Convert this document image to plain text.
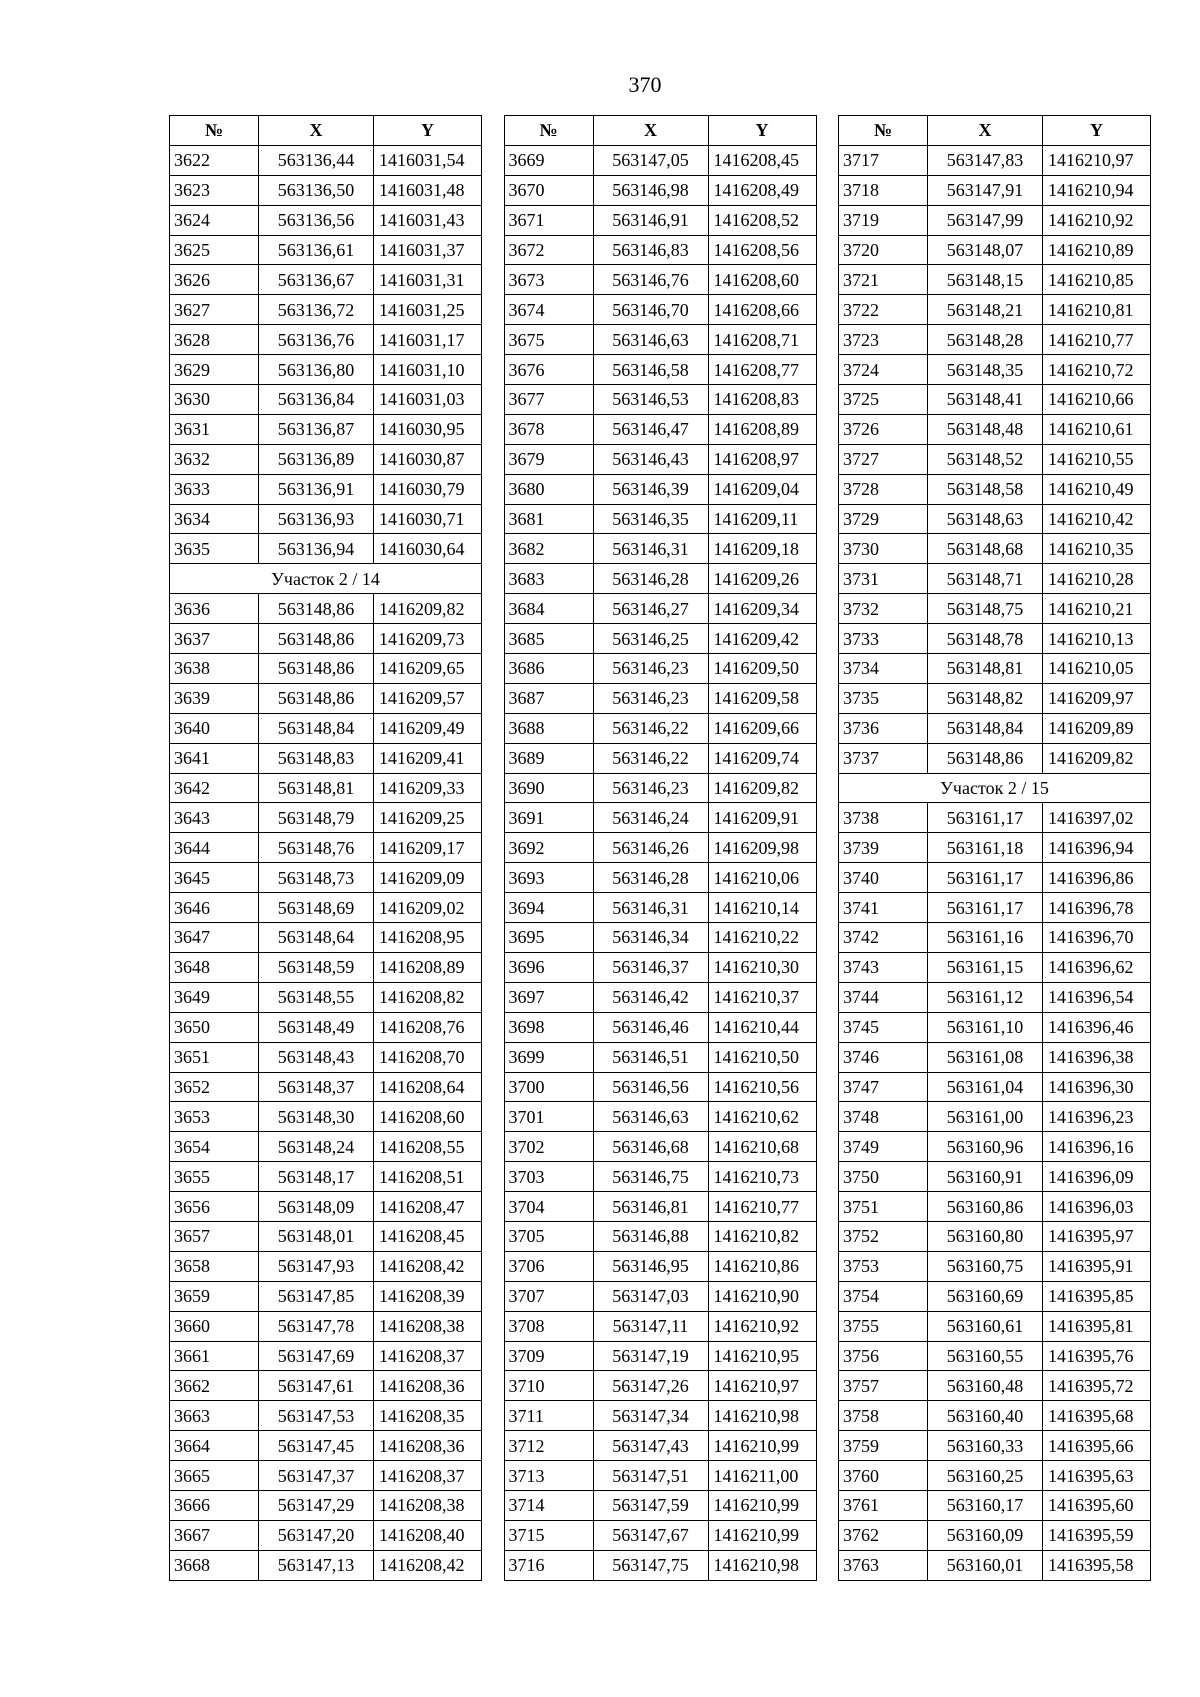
370
№	X	Y
3622	563136,44	1416031,54
3623	563136,50	1416031,48
3624	563136,56	1416031,43
3625	563136,61	1416031,37
3626	563136,67	1416031,31
3627	563136,72	1416031,25
3628	563136,76	1416031,17
3629	563136,80	1416031,10
3630	563136,84	1416031,03
3631	563136,87	1416030,95
3632	563136,89	1416030,87
3633	563136,91	1416030,79
3634	563136,93	1416030,71
3635	563136,94	1416030,64
Участок 2 / 14		
3636	563148,86	1416209,82
3637	563148,86	1416209,73
3638	563148,86	1416209,65
3639	563148,86	1416209,57
3640	563148,84	1416209,49
3641	563148,83	1416209,41
3642	563148,81	1416209,33
3643	563148,79	1416209,25
3644	563148,76	1416209,17
3645	563148,73	1416209,09
3646	563148,69	1416209,02
3647	563148,64	1416208,95
3648	563148,59	1416208,89
3649	563148,55	1416208,82
3650	563148,49	1416208,76
3651	563148,43	1416208,70
3652	563148,37	1416208,64
3653	563148,30	1416208,60
3654	563148,24	1416208,55
3655	563148,17	1416208,51
3656	563148,09	1416208,47
3657	563148,01	1416208,45
3658	563147,93	1416208,42
3659	563147,85	1416208,39
3660	563147,78	1416208,38
3661	563147,69	1416208,37
3662	563147,61	1416208,36
3663	563147,53	1416208,35
3664	563147,45	1416208,36
3665	563147,37	1416208,37
3666	563147,29	1416208,38
3667	563147,20	1416208,40
3668	563147,13	1416208,42
№	X	Y
3669	563147,05	1416208,45
3670	563146,98	1416208,49
3671	563146,91	1416208,52
3672	563146,83	1416208,56
3673	563146,76	1416208,60
3674	563146,70	1416208,66
3675	563146,63	1416208,71
3676	563146,58	1416208,77
3677	563146,53	1416208,83
3678	563146,47	1416208,89
3679	563146,43	1416208,97
3680	563146,39	1416209,04
3681	563146,35	1416209,11
3682	563146,31	1416209,18
3683	563146,28	1416209,26
3684	563146,27	1416209,34
3685	563146,25	1416209,42
3686	563146,23	1416209,50
3687	563146,23	1416209,58
3688	563146,22	1416209,66
3689	563146,22	1416209,74
3690	563146,23	1416209,82
3691	563146,24	1416209,91
3692	563146,26	1416209,98
3693	563146,28	1416210,06
3694	563146,31	1416210,14
3695	563146,34	1416210,22
3696	563146,37	1416210,30
3697	563146,42	1416210,37
3698	563146,46	1416210,44
3699	563146,51	1416210,50
3700	563146,56	1416210,56
3701	563146,63	1416210,62
3702	563146,68	1416210,68
3703	563146,75	1416210,73
3704	563146,81	1416210,77
3705	563146,88	1416210,82
3706	563146,95	1416210,86
3707	563147,03	1416210,90
3708	563147,11	1416210,92
3709	563147,19	1416210,95
3710	563147,26	1416210,97
3711	563147,34	1416210,98
3712	563147,43	1416210,99
3713	563147,51	1416211,00
3714	563147,59	1416210,99
3715	563147,67	1416210,99
3716	563147,75	1416210,98
№	X	Y
3717	563147,83	1416210,97
3718	563147,91	1416210,94
3719	563147,99	1416210,92
3720	563148,07	1416210,89
3721	563148,15	1416210,85
3722	563148,21	1416210,81
3723	563148,28	1416210,77
3724	563148,35	1416210,72
3725	563148,41	1416210,66
3726	563148,48	1416210,61
3727	563148,52	1416210,55
3728	563148,58	1416210,49
3729	563148,63	1416210,42
3730	563148,68	1416210,35
3731	563148,71	1416210,28
3732	563148,75	1416210,21
3733	563148,78	1416210,13
3734	563148,81	1416210,05
3735	563148,82	1416209,97
3736	563148,84	1416209,89
3737	563148,86	1416209,82
Участок 2 / 15		
3738	563161,17	1416397,02
3739	563161,18	1416396,94
3740	563161,17	1416396,86
3741	563161,17	1416396,78
3742	563161,16	1416396,70
3743	563161,15	1416396,62
3744	563161,12	1416396,54
3745	563161,10	1416396,46
3746	563161,08	1416396,38
3747	563161,04	1416396,30
3748	563161,00	1416396,23
3749	563160,96	1416396,16
3750	563160,91	1416396,09
3751	563160,86	1416396,03
3752	563160,80	1416395,97
3753	563160,75	1416395,91
3754	563160,69	1416395,85
3755	563160,61	1416395,81
3756	563160,55	1416395,76
3757	563160,48	1416395,72
3758	563160,40	1416395,68
3759	563160,33	1416395,66
3760	563160,25	1416395,63
3761	563160,17	1416395,60
3762	563160,09	1416395,59
3763	563160,01	1416395,58
